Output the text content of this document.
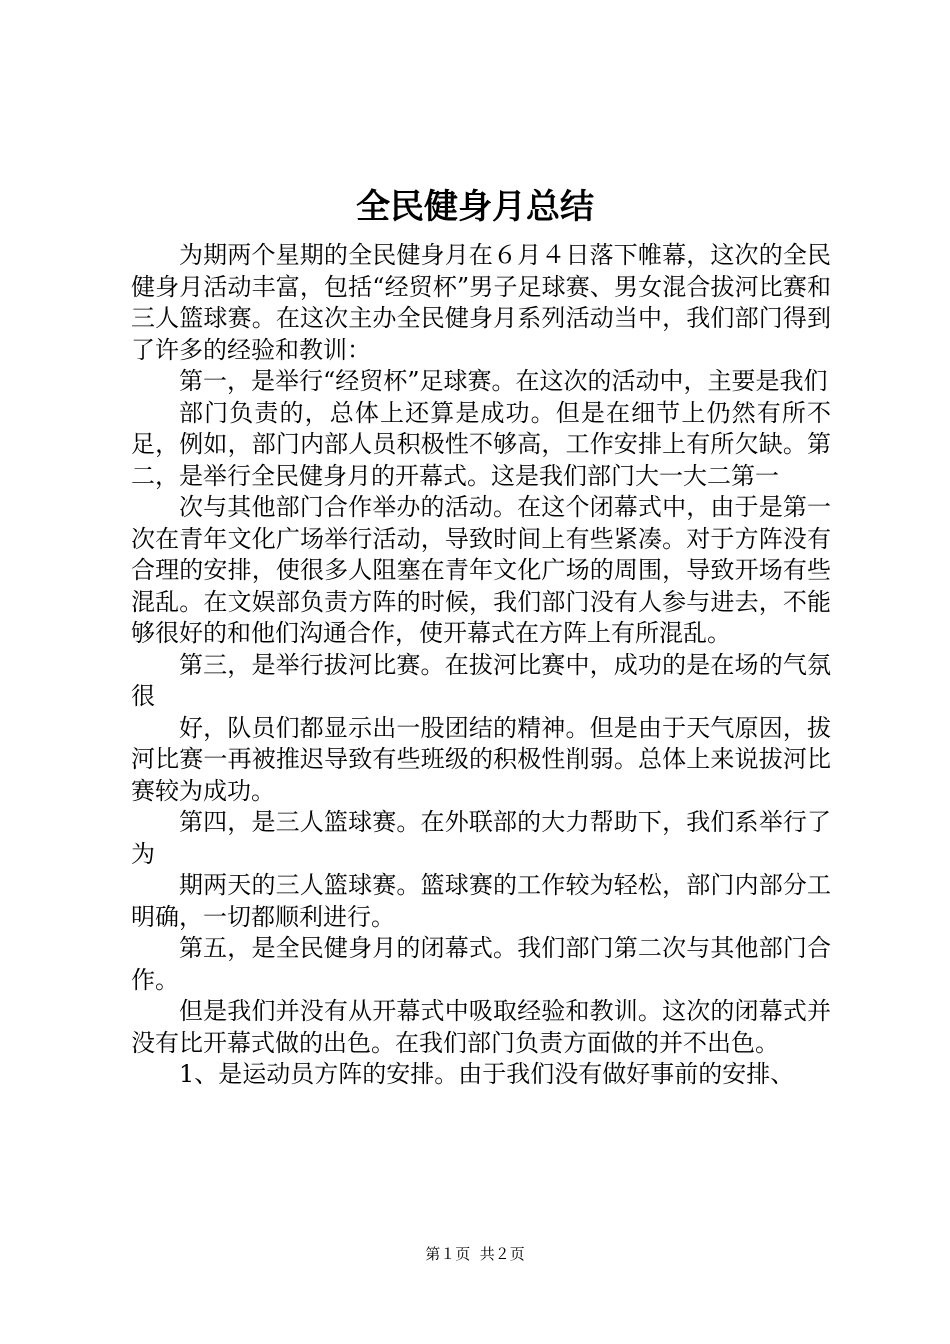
全民健身月总结

为期两个星期的全民健身月在６月４日落下帷幕，这次的全民健身月活动丰富，包括“经贸杯”男子足球赛、男女混合拔河比赛和三人篮球赛。在这次主办全民健身月系列活动当中，我们部门得到了许多的经验和教训：

第一，是举行“经贸杯”足球赛。在这次的活动中，主要是我们

部门负责的，总体上还算是成功。但是在细节上仍然有所不足，例如，部门内部人员积极性不够高，工作安排上有所欠缺。第二，是举行全民健身月的开幕式。这是我们部门大一大二第一

次与其他部门合作举办的活动。在这个闭幕式中，由于是第一次在青年文化广场举行活动，导致时间上有些紧凑。对于方阵没有合理的安排，使很多人阻塞在青年文化广场的周围，导致开场有些混乱。在文娱部负责方阵的时候，我们部门没有人参与进去，不能够很好的和他们沟通合作，使开幕式在方阵上有所混乱。

第三，是举行拔河比赛。在拔河比赛中，成功的是在场的气氛很

好，队员们都显示出一股团结的精神。但是由于天气原因，拔河比赛一再被推迟导致有些班级的积极性削弱。总体上来说拔河比赛较为成功。

第四，是三人篮球赛。在外联部的大力帮助下，我们系举行了为

期两天的三人篮球赛。篮球赛的工作较为轻松，部门内部分工明确，一切都顺利进行。

第五，是全民健身月的闭幕式。我们部门第二次与其他部门合作。

但是我们并没有从开幕式中吸取经验和教训。这次的闭幕式并没有比开幕式做的出色。在我们部门负责方面做的并不出色。

1、是运动员方阵的安排。由于我们没有做好事前的安排、

第１页 共２页
